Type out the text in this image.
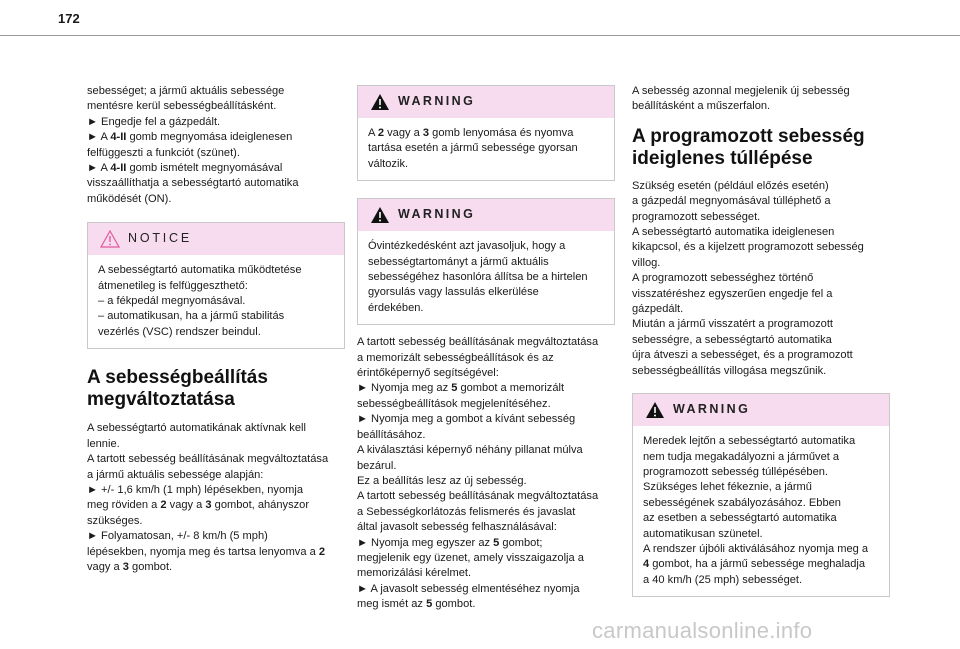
172

sebességet; a jármű aktuális sebessége

mentésre kerül sebességbeállításként.

► Engedje fel a gázpedált.

► A 4-II gomb megnyomása ideiglenesen

felfüggeszti a funkciót (szünet).

► A 4-II gomb ismételt megnyomásával

visszaállíthatja a sebességtartó automatika

működését (ON).

NOTICE

A sebességtartó automatika működtetése

átmenetileg is felfüggeszthető:

– a fékpedál megnyomásával.

– automatikusan, ha a jármű stabilitás

vezérlés (VSC) rendszer beindul.

A sebességbeállítás

megváltoztatása

A sebességtartó automatikának aktívnak kell

lennie.

A tartott sebesség beállításának megváltoztatása

a jármű aktuális sebessége alapján:

► +/- 1,6 km/h (1 mph) lépésekben, nyomja

meg röviden a 2 vagy a 3 gombot, ahányszor

szükséges.

► Folyamatosan, +/- 8 km/h (5 mph)

lépésekben, nyomja meg és tartsa lenyomva a 2

vagy a 3 gombot.

WARNING

A 2 vagy a 3 gomb lenyomása és nyomva

tartása esetén a jármű sebessége gyorsan

változik.

WARNING

Óvintézkedésként azt javasoljuk, hogy a

sebességtartományt a jármű aktuális

sebességéhez hasonlóra állítsa be a hirtelen

gyorsulás vagy lassulás elkerülése

érdekében.

A tartott sebesség beállításának megváltoztatása

a memorizált sebességbeállítások és az

érintőképernyő segítségével:

► Nyomja meg az 5 gombot a memorizált

sebességbeállítások megjelenítéséhez.

► Nyomja meg a gombot a kívánt sebesség

beállításához.

A kiválasztási képernyő néhány pillanat múlva

bezárul.

Ez a beállítás lesz az új sebesség.

A tartott sebesség beállításának megváltoztatása

a Sebességkorlátozás felismerés és javaslat

által javasolt sebesség felhasználásával:

► Nyomja meg egyszer az 5 gombot;

megjelenik egy üzenet, amely visszaigazolja a

memorizálási kérelmet.

► A javasolt sebesség elmentéséhez nyomja

meg ismét az 5 gombot.

A sebesség azonnal megjelenik új sebesség

beállításként a műszerfalon.

A programozott sebesség

ideiglenes túllépése

Szükség esetén (például előzés esetén)

a gázpedál megnyomásával túlléphető a

programozott sebességet.

A sebességtartó automatika ideiglenesen

kikapcsol, és a kijelzett programozott sebesség

villog.

A programozott sebességhez történő

visszatéréshez egyszerűen engedje fel a

gázpedált.

Miután a jármű visszatért a programozott

sebességre, a sebességtartó automatika

újra átveszi a sebességet, és a programozott

sebességbeállítás villogása megszűnik.

WARNING

Meredek lejtőn a sebességtartó automatika

nem tudja megakadályozni a járművet a

programozott sebesség túllépésében.

Szükséges lehet fékeznie, a jármű

sebességének szabályozásához. Ebben

az esetben a sebességtartó automatika

automatikusan szünetel.

A rendszer újbóli aktiválásához nyomja meg a

4 gombot, ha a jármű sebessége meghaladja

a 40 km/h (25 mph) sebességet.

carmanualsonline.info
